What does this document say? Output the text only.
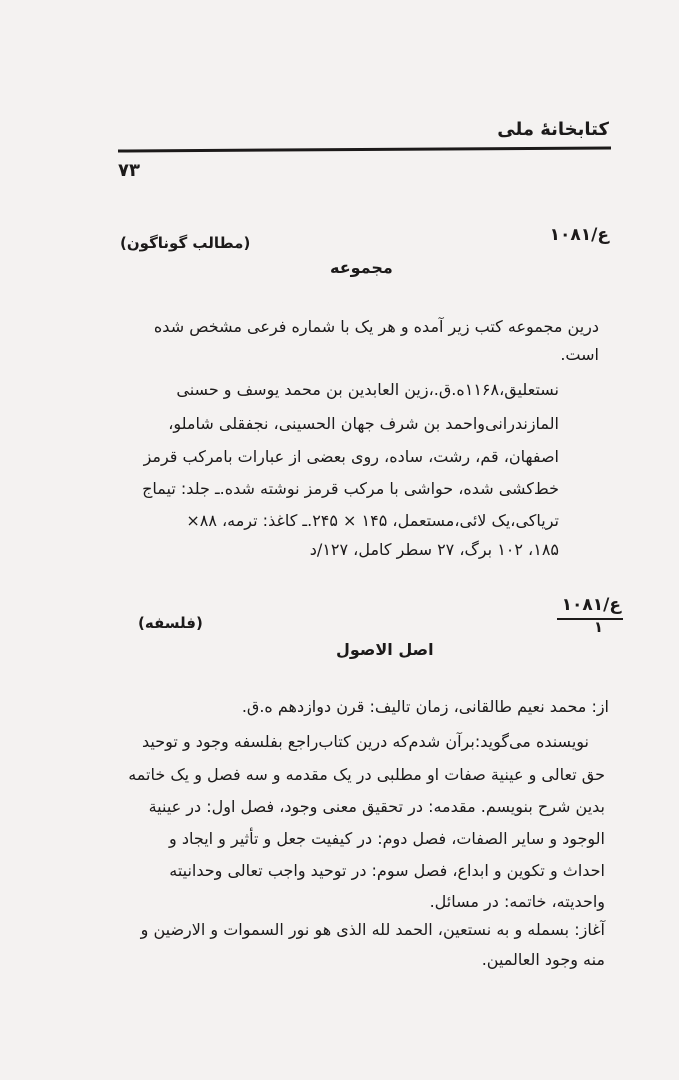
کتابخانهٔ ملی
۷۳
ع/۱۰۸۱
(مطالب گوناگون)
مجموعه
درین مجموعه کتب زیر آمده و هر یک با شماره فرعی مشخص شده
است.
نستعلیق،۱۱۶۸ه.ق.،زین العابدین بن محمد یوسف و حسنی
المازندرانی‌واحمد بن شرف جهان الحسینی، نجفقلی شاملو،
اصفهان، قم، رشت، ساده، روی بعضی از عبارات بامرکب قرمز
خط‌کشی شده، حواشی با مرکب قرمز نوشته شده.ـ جلد: تیماج
تریاکی،یک لائی،مستعمل، ۱۴۵ × ۲۴۵.ـ کاغذ: ترمه، ۸۸×
۱۸۵، ۱۰۲ برگ، ۲۷ سطر کامل، ۱۲۷/د
ع/۱۰۸۱
۱
(فلسفه)
اصل الاصول
از: محمد نعیم طالقانی، زمان تالیف: قرن دوازدهم ه.ق.
نویسنده می‌گوید:برآن شدم‌که درین کتاب‌راجع بفلسفه وجود و توحید
حق تعالی و عینیة صفات او مطلبی در یک مقدمه و سه فصل و یک خاتمه
بدین شرح بنویسم. مقدمه: در تحقیق معنی وجود، فصل اول: در عینیة
الوجود و سایر الصفات، فصل دوم: در کیفیت جعل و تأثیر و ایجاد و
احداث و تکوین و ابداع، فصل سوم: در توحید واجب تعالی وحدانیته
واحدیته، خاتمه: در مسائل.
آغاز: بسمله و به نستعین، الحمد لله الذی هو نور السموات و الارضین و
منه وجود العالمین.
